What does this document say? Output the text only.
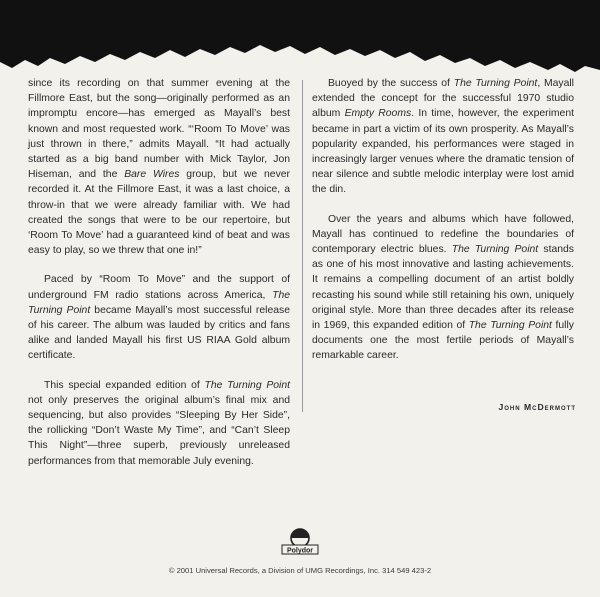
since its recording on that summer evening at the Fillmore East, but the song—originally performed as an impromptu encore—has emerged as Mayall’s best known and most requested work. “‘Room To Move’ was just thrown in there,” admits Mayall. “It had actually started as a big band number with Mick Taylor, Jon Hiseman, and the Bare Wires group, but we never recorded it. At the Fillmore East, it was a last choice, a throw-in that we were already familiar with. We had created the songs that were to be our repertoire, but ‘Room To Move’ had a guaranteed kind of beat and was easy to play, so we threw that one in!”

Paced by “Room To Move” and the support of underground FM radio stations across America, The Turning Point became Mayall’s most successful release of his career. The album was lauded by critics and fans alike and landed Mayall his first US RIAA Gold album certificate.

This special expanded edition of The Turning Point not only preserves the original album’s final mix and sequencing, but also provides “Sleeping By Her Side”, the rollicking “Don’t Waste My Time”, and “Can’t Sleep This Night”—three superb, previously unreleased performances from that memorable July evening.

Buoyed by the success of The Turning Point, Mayall extended the concept for the successful 1970 studio album Empty Rooms. In time, however, the experiment became in part a victim of its own prosperity. As Mayall’s popularity expanded, his performances were staged in increasingly larger venues where the dramatic tension of near silence and subtle melodic interplay were lost amid the din.

Over the years and albums which have followed, Mayall has continued to redefine the boundaries of contemporary electric blues. The Turning Point stands as one of his most innovative and lasting achievements. It remains a compelling document of an artist boldly recasting his sound while still retaining his own, uniquely original style. More than three decades after its release in 1969, this expanded edition of The Turning Point fully documents one the most fertile periods of Mayall’s remarkable career.

John McDermott
Polydor
© 2001 Universal Records, a Division of UMG Recordings, Inc. 314 549 423-2
